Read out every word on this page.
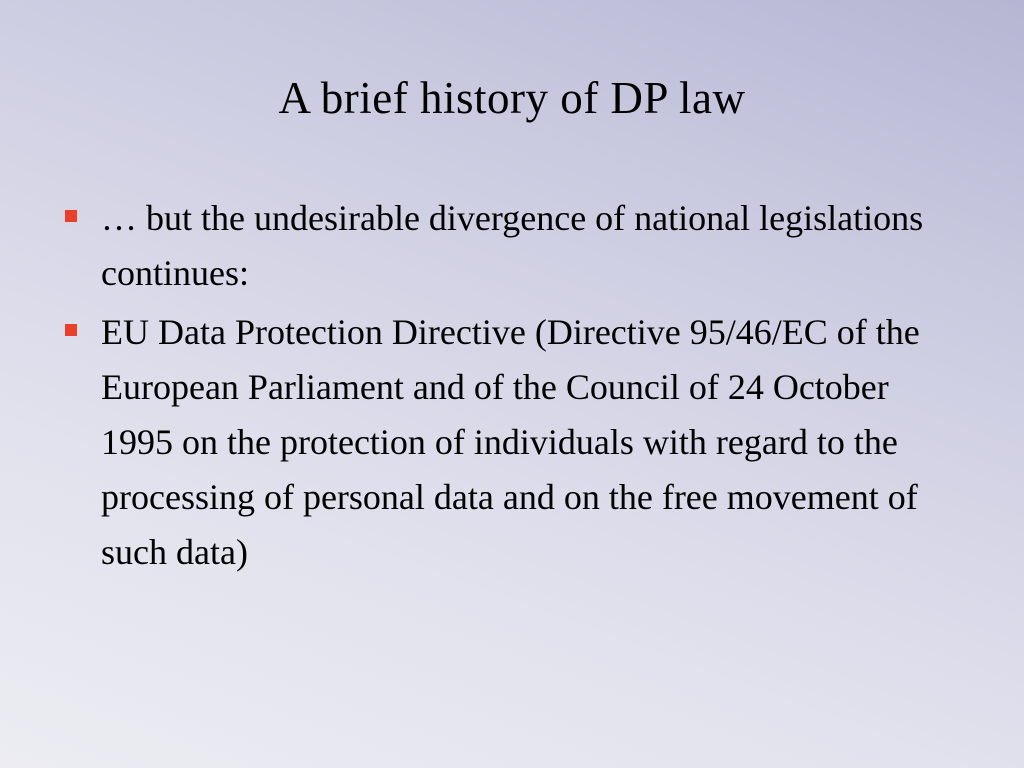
A brief history of DP law
… but the undesirable divergence of national legislations continues:
EU Data Protection Directive (Directive 95/46/EC of the European Parliament and of the Council of 24 October 1995 on the protection of individuals with regard to the processing of personal data and on the free movement of such data)
